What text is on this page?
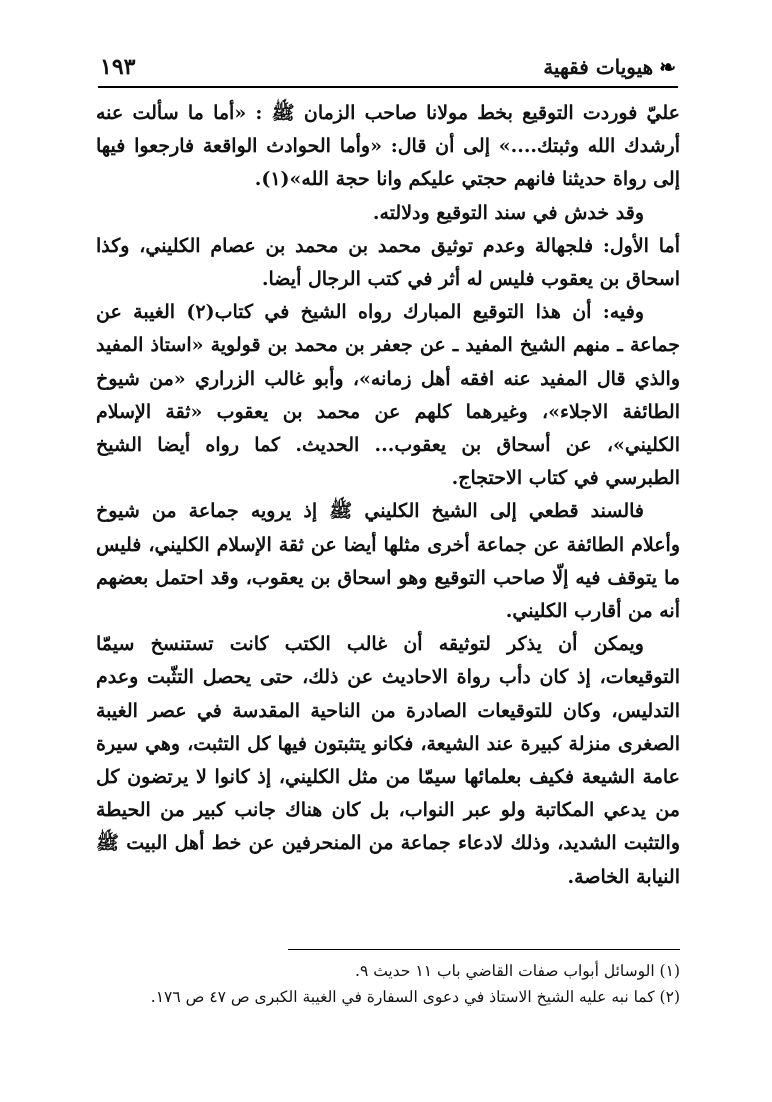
❧
هيويات فقهية
١٩٣

عليّ فوردت التوقيع بخط مولانا صاحب الزمان ﷺ : «أما ما سألت عنه أرشدك الله وثبتك....» إلى أن قال: «وأما الحوادث الواقعة فارجعوا فيها إلى رواة حديثنا فانهم حجتي عليكم وانا حجة الله»(١).

وقد خدش في سند التوقيع ودلالته.

أما الأول: فلجهالة وعدم توثيق محمد بن محمد بن عصام الكليني، وكذا اسحاق بن يعقوب فليس له أثر في كتب الرجال أيضا.

وفيه: أن هذا التوقيع المبارك رواه الشيخ في كتاب(٢) الغيبة عن جماعة ـ منهم الشيخ المفيد ـ عن جعفر بن محمد بن قولوية «استاذ المفيد والذي قال المفيد عنه افقه أهل زمانه»، وأبو غالب الزراري «من شيوخ الطائفة الاجلاء»، وغيرهما كلهم عن محمد بن يعقوب «ثقة الإسلام الكليني»، عن أسحاق بن يعقوب... الحديث. كما رواه أيضا الشيخ الطبرسي في كتاب الاحتجاج.

فالسند قطعي إلى الشيخ الكليني ﷺ إذ يرويه جماعة من شيوخ وأعلام الطائفة عن جماعة أخرى مثلها أيضا عن ثقة الإسلام الكليني، فليس ما يتوقف فيه إلّا صاحب التوقيع وهو اسحاق بن يعقوب، وقد احتمل بعضهم أنه من أقارب الكليني.

ويمكن أن يذكر لتوثيقه أن غالب الكتب كانت تستنسخ سيمّا التوقيعات، إذ كان دأب رواة الاحاديث عن ذلك، حتى يحصل التثّبت وعدم التدليس، وكان للتوقيعات الصادرة من الناحية المقدسة في عصر الغيبة الصغرى منزلة كبيرة عند الشيعة، فكانو يتثبتون فيها كل التثبت، وهي سيرة عامة الشيعة فكيف بعلمائها سيمّا من مثل الكليني، إذ كانوا لا يرتضون كل من يدعي المكاتبة ولو عبر النواب، بل كان هناك جانب كبير من الحيطة والتثبت الشديد، وذلك لادعاء جماعة من المنحرفين عن خط أهل البيت ﷺ النيابة الخاصة.

(١) الوسائل أبواب صفات القاضي باب ١١ حديث ٩.
(٢) كما نبه عليه الشيخ الاستاذ في دعوى السفارة في الغيبة الكبرى ص ٤٧ ص ١٧٦.
